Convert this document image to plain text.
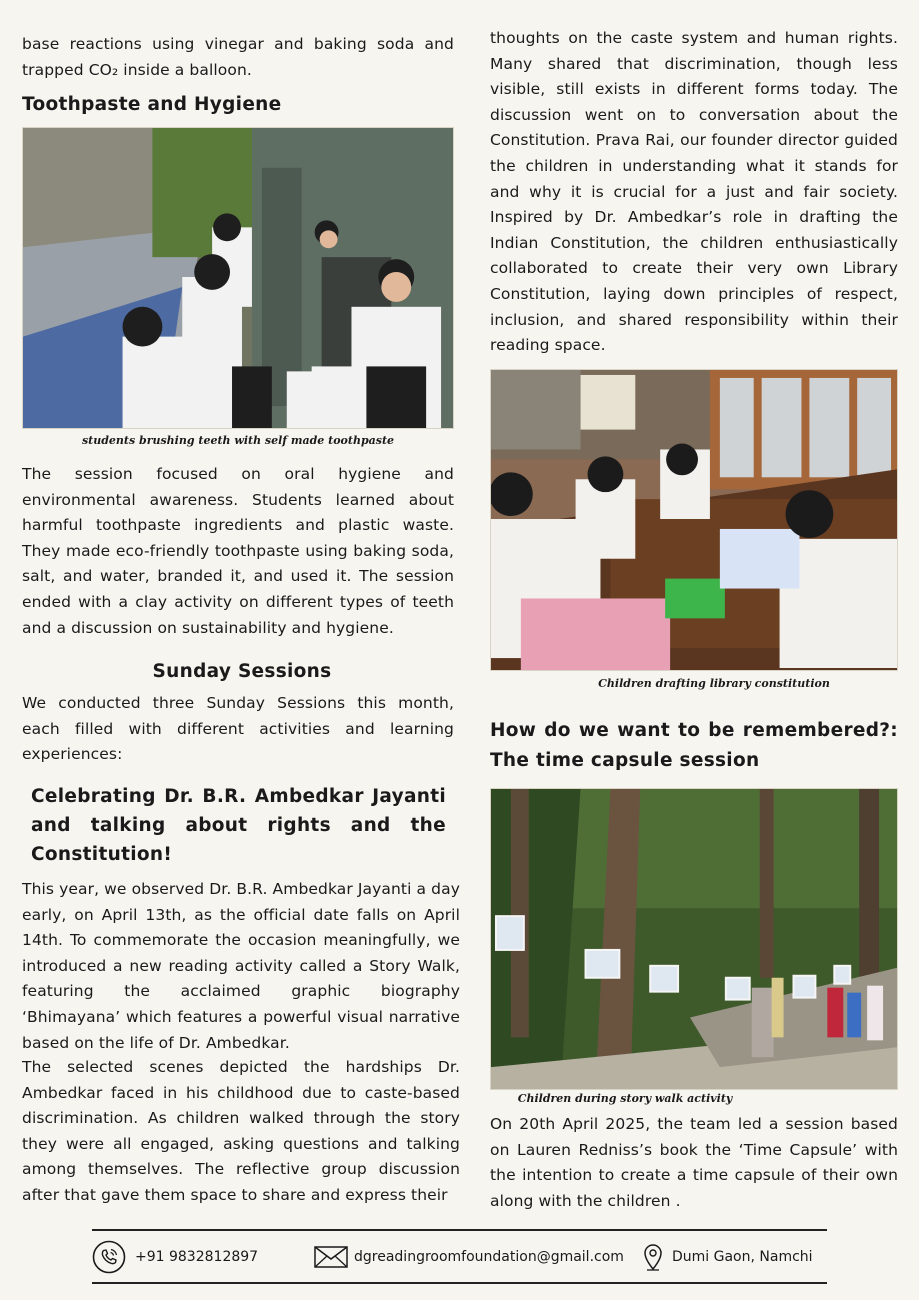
base reactions using vinegar and baking soda and trapped CO₂ inside a balloon.

Toothpaste and Hygiene
students brushing teeth with self made toothpaste

The session focused on oral hygiene and environmental awareness. Students learned about harmful toothpaste ingredients and plastic waste. They made eco-friendly toothpaste using baking soda, salt, and water, branded it, and used it. The session ended with a clay activity on different types of teeth and a discussion on sustainability and hygiene.

Sunday Sessions

We conducted three Sunday Sessions this month, each filled with different activities and learning experiences:

Celebrating Dr. B.R. Ambedkar Jayanti and talking about rights and the Constitution!

This year, we observed Dr. B.R. Ambedkar Jayanti a day early, on April 13th, as the official date falls on April 14th. To commemorate the occasion meaningfully, we introduced a new reading activity called a Story Walk, featuring the acclaimed graphic biography ‘Bhimayana’ which features a powerful visual narrative based on the life of Dr. Ambedkar.

The selected scenes depicted the hardships Dr. Ambedkar faced in his childhood due to caste-based discrimination. As children walked through the story they were all engaged, asking questions and talking among themselves. The reflective group discussion after that gave them space to share and express their

thoughts on the caste system and human rights. Many shared that discrimination, though less visible, still exists in different forms today. The discussion went on to conversation about the Constitution. Prava Rai, our founder director guided the children in understanding what it stands for and why it is crucial for a just and fair society. Inspired by Dr. Ambedkar’s role in drafting the Indian Constitution, the children enthusiastically collaborated to create their very own Library Constitution, laying down principles of respect, inclusion, and shared responsibility within their reading space.

Children drafting library constitution
How do we want to be remembered?: The time capsule session
Children during story walk activity

On 20th April 2025, the team led a session based on Lauren Redniss’s book the ‘Time Capsule’ with the intention to create a time capsule of their own along with the children .

+91 9832812897	dgreadingroomfoundation@gmail.com	Dumi Gaon, Namchi
